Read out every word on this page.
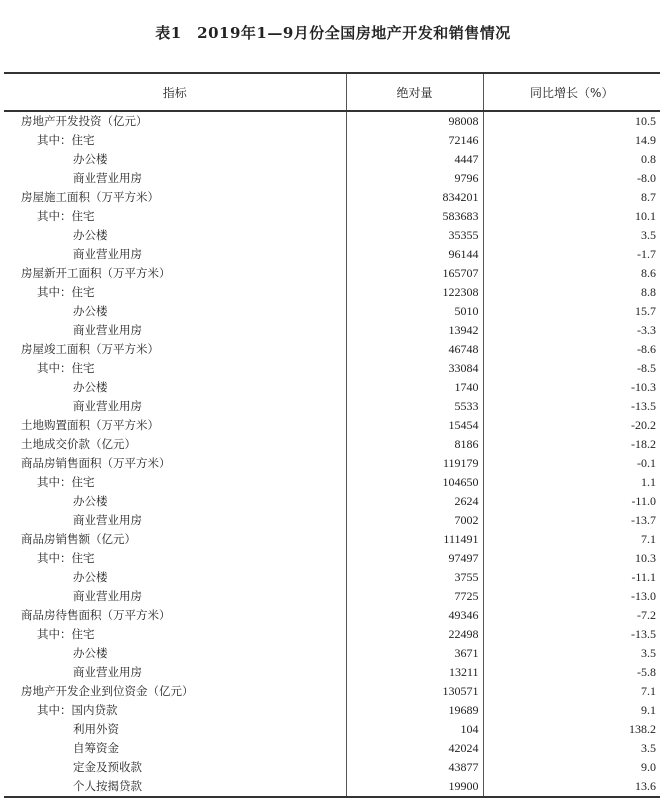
表1　2019年1—9月份全国房地产开发和销售情况
指标	绝对量	同比增长（%）
房地产开发投资（亿元）	98008	10.5
其中：住宅	72146	14.9
办公楼	4447	0.8
商业营业用房	9796	-8.0
房屋施工面积（万平方米）	834201	8.7
其中：住宅	583683	10.1
办公楼	35355	3.5
商业营业用房	96144	-1.7
房屋新开工面积（万平方米）	165707	8.6
其中：住宅	122308	8.8
办公楼	5010	15.7
商业营业用房	13942	-3.3
房屋竣工面积（万平方米）	46748	-8.6
其中：住宅	33084	-8.5
办公楼	1740	-10.3
商业营业用房	5533	-13.5
土地购置面积（万平方米）	15454	-20.2
土地成交价款（亿元）	8186	-18.2
商品房销售面积（万平方米）	119179	-0.1
其中：住宅	104650	1.1
办公楼	2624	-11.0
商业营业用房	7002	-13.7
商品房销售额（亿元）	111491	7.1
其中：住宅	97497	10.3
办公楼	3755	-11.1
商业营业用房	7725	-13.0
商品房待售面积（万平方米）	49346	-7.2
其中：住宅	22498	-13.5
办公楼	3671	3.5
商业营业用房	13211	-5.8
房地产开发企业到位资金（亿元）	130571	7.1
其中：国内贷款	19689	9.1
利用外资	104	138.2
自筹资金	42024	3.5
定金及预收款	43877	9.0
个人按揭贷款	19900	13.6
